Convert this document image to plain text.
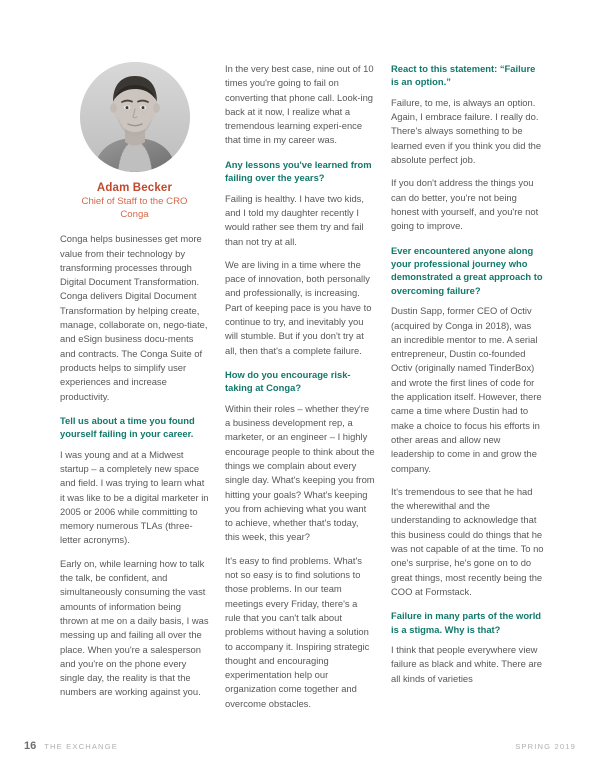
Adam Becker
Chief of Staff to the CRO
Conga

Conga helps businesses get more value from their technology by transforming processes through Digital Document Transformation. Conga delivers Digital Document Transformation by helping create, manage, collaborate on, nego-tiate, and eSign business docu-ments and contracts. The Conga Suite of products helps to simplify user experiences and increase productivity.

Tell us about a time you found yourself failing in your career.

I was young and at a Midwest startup – a completely new space and field. I was trying to learn what it was like to be a digital marketer in 2005 or 2006 while committing to memory numerous TLAs (three-letter acronyms).

Early on, while learning how to talk the talk, be confident, and simultaneously consuming the vast amounts of information being thrown at me on a daily basis, I was messing up and failing all over the place. When you're a salesperson and you're on the phone every single day, the reality is that the numbers are working against you.

In the very best case, nine out of 10 times you're going to fail on converting that phone call. Look-ing back at it now, I realize what a tremendous learning experi-ence that time in my career was.

Any lessons you've learned from failing over the years?

Failing is healthy. I have two kids, and I told my daughter recently I would rather see them try and fail than not try at all.

We are living in a time where the pace of innovation, both personally and professionally, is increasing. Part of keeping pace is you have to continue to try, and inevitably you will stumble. But if you don't try at all, then that's a complete failure.

How do you encourage risk-taking at Conga?

Within their roles – whether they're a business development rep, a marketer, or an engineer – I highly encourage people to think about the things we complain about every single day. What's keeping you from hitting your goals? What's keeping you from achieving what you want to achieve, whether that's today, this week, this year?

It's easy to find problems. What's not so easy is to find solutions to those problems. In our team meetings every Friday, there's a rule that you can't talk about problems without having a solution to accompany it. Inspiring strategic thought and encouraging experimentation help our organization come together and overcome obstacles.

React to this statement: “Failure is an option.”

Failure, to me, is always an option. Again, I embrace failure. I really do. There's always something to be learned even if you think you did the absolute perfect job.

If you don't address the things you can do better, you're not being honest with yourself, and you're not going to improve.

Ever encountered anyone along your professional journey who demonstrated a great approach to overcoming failure?

Dustin Sapp, former CEO of Octiv (acquired by Conga in 2018), was an incredible mentor to me. A serial entrepreneur, Dustin co-founded Octiv (originally named TinderBox) and wrote the first lines of code for the application itself. However, there came a time where Dustin had to make a choice to focus his efforts in other areas and allow new leadership to come in and grow the company.

It's tremendous to see that he had the wherewithal and the understanding to acknowledge that this business could do things that he was not capable of at the time. To no one's surprise, he's gone on to do great things, most recently being the COO at Formstack.

Failure in many parts of the world is a stigma. Why is that?

I think that people everywhere view failure as black and white. There are all kinds of varieties

16 THE EXCHANGE	SPRING 2019
